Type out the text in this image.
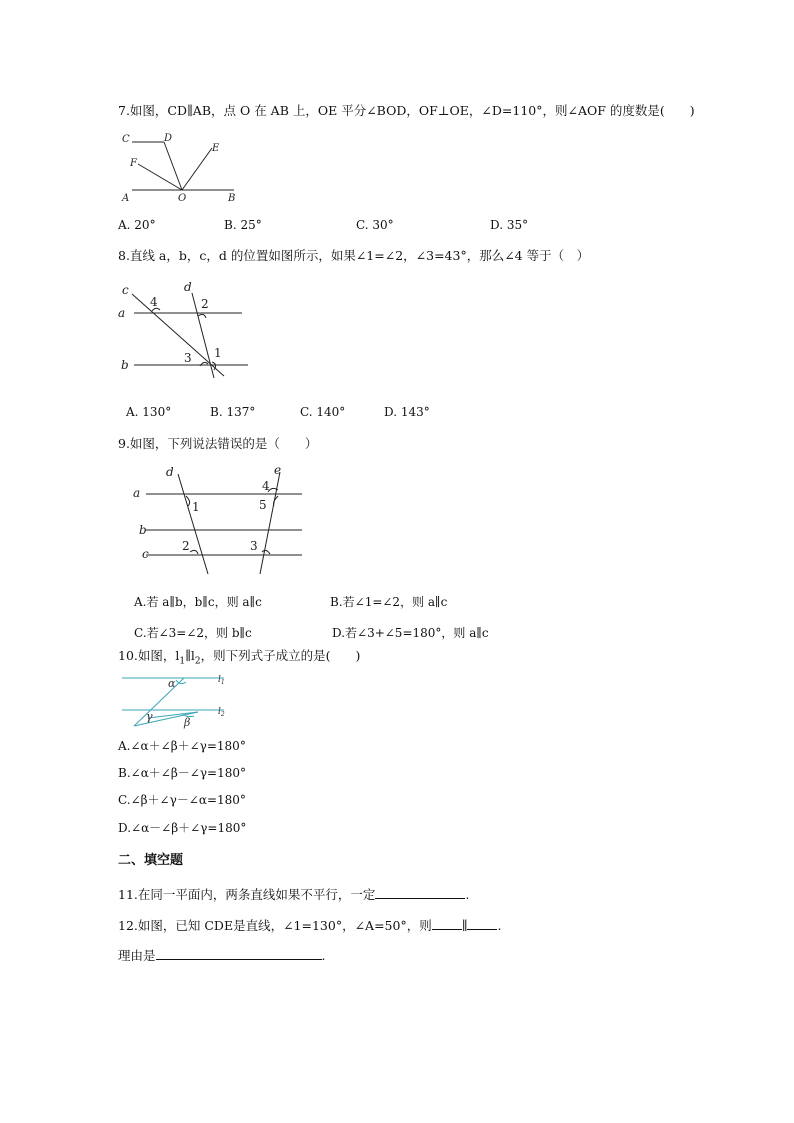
7.如图，CD∥AB，点 O 在 AB 上，OE 平分∠BOD，OF⊥OE，∠D=110°，则∠AOF 的度数是(　　)
C	D
E
F
A	O	B
A. 20°	B. 25°	C. 30°	D. 35°
8.直线 a，b，c，d 的位置如图所示，如果∠1=∠2，∠3=43°，那么∠4 等于（　）
c	d
a
b
4	2
3 1
A. 130°	B. 137°	C. 140°	D. 143°
9.如图，下列说法错误的是（　　）
d	e
a
b
c
1
2	3
4
5
A.若 a∥b，b∥c，则 a∥c	B.若∠1=∠2，则 a∥c
C.若∠3=∠2，则 b∥c	D.若∠3+∠5=180°，则 a∥c
10.如图，$l_1\parallel l_2$，则下列式子成立的是(　　)
α
γ	β
$l_1$
$l_2$
A.∠α＋∠β＋∠γ=180°
B.∠α＋∠β－∠γ=180°
C.∠β＋∠γ－∠α=180°
D.∠α－∠β＋∠γ=180°
二、填空题
11.在同一平面内，两条直线如果不平行，一定	.
12.如图，已知 CDE是直线，∠1=130°，∠A=50°，则 ∥ .
理由是	.
